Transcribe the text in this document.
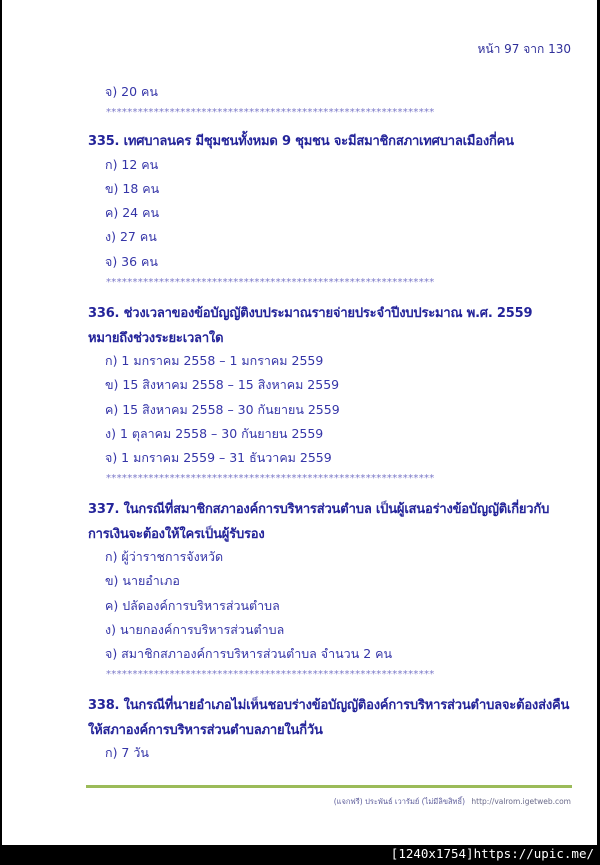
หน้า 97 จาก 130
จ) 20 คน
**************************************************************
335. เทศบาลนคร มีชุมชนทั้งหมด 9 ชุมชน จะมีสมาชิกสภาเทศบาลเมืองกี่คน
ก) 12 คน
ข) 18 คน
ค) 24 คน
ง) 27 คน
จ) 36 คน
**************************************************************
336. ช่วงเวลาของข้อบัญญัติงบประมาณรายจ่ายประจำปีงบประมาณ พ.ศ. 2559
หมายถึงช่วงระยะเวลาใด
ก) 1 มกราคม 2558 – 1 มกราคม 2559
ข) 15 สิงหาคม 2558 – 15 สิงหาคม 2559
ค) 15 สิงหาคม 2558 – 30 กันยายน 2559
ง) 1 ตุลาคม 2558 – 30 กันยายน 2559
จ) 1 มกราคม 2559 – 31 ธันวาคม 2559
**************************************************************
337. ในกรณีที่สมาชิกสภาองค์การบริหารส่วนตำบล เป็นผู้เสนอร่างข้อบัญญัติเกี่ยวกับ
การเงินจะต้องให้ใครเป็นผู้รับรอง
ก) ผู้ว่าราชการจังหวัด
ข) นายอำเภอ
ค) ปลัดองค์การบริหารส่วนตำบล
ง) นายกองค์การบริหารส่วนตำบล
จ) สมาชิกสภาองค์การบริหารส่วนตำบล จำนวน 2 คน
**************************************************************
338. ในกรณีที่นายอำเภอไม่เห็นชอบร่างข้อบัญญัติองค์การบริหารส่วนตำบลจะต้องส่งคืน
ให้สภาองค์การบริหารส่วนตำบลภายในกี่วัน
ก) 7 วัน
(แจกฟรี) ประพันธ์ เวารัมย์ (ไม่มีลิขสิทธิ์) http://valrom.igetweb.com
[1240x1754]https://upic.me/
